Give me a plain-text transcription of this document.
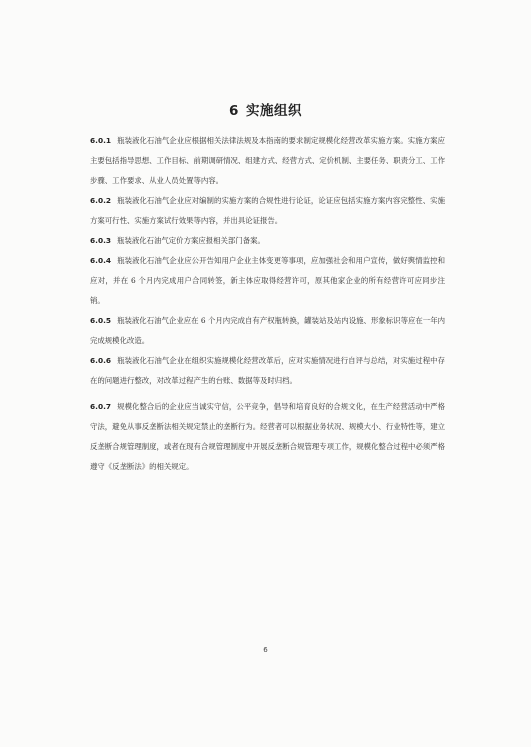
6 实施组织

6.0.1 瓶装液化石油气企业应根据相关法律法规及本指南的要求制定规模化经营改革实施方案。实施方案应主要包括指导思想、工作目标、前期调研情况、组建方式、经营方式、定价机制、主要任务、职责分工、工作步骤、工作要求、从业人员处置等内容。

6.0.2 瓶装液化石油气企业应对编制的实施方案的合规性进行论证，论证应包括实施方案内容完整性、实施方案可行性、实施方案试行效果等内容，并出具论证报告。

6.0.3 瓶装液化石油气定价方案应报相关部门备案。

6.0.4 瓶装液化石油气企业应公开告知用户企业主体变更等事项，应加强社会和用户宣传，做好舆情监控和应对，并在 6 个月内完成用户合同转签，新主体应取得经营许可，原其他家企业的所有经营许可应同步注销。

6.0.5 瓶装液化石油气企业应在 6 个月内完成自有产权瓶转换，罐装站及站内设施、形象标识等应在一年内完成规模化改造。

6.0.6 瓶装液化石油气企业在组织实施规模化经营改革后，应对实施情况进行自评与总结，对实施过程中存在的问题进行整改，对改革过程产生的台账、数据等及时归档。

6.0.7 规模化整合后的企业应当诚实守信，公平竞争，倡导和培育良好的合规文化，在生产经营活动中严格守法，避免从事反垄断法相关规定禁止的垄断行为。经营者可以根据业务状况、规模大小、行业特性等，建立反垄断合规管理制度，或者在现有合规管理制度中开展反垄断合规管理专项工作，规模化整合过程中必须严格遵守《反垄断法》的相关规定。

6
